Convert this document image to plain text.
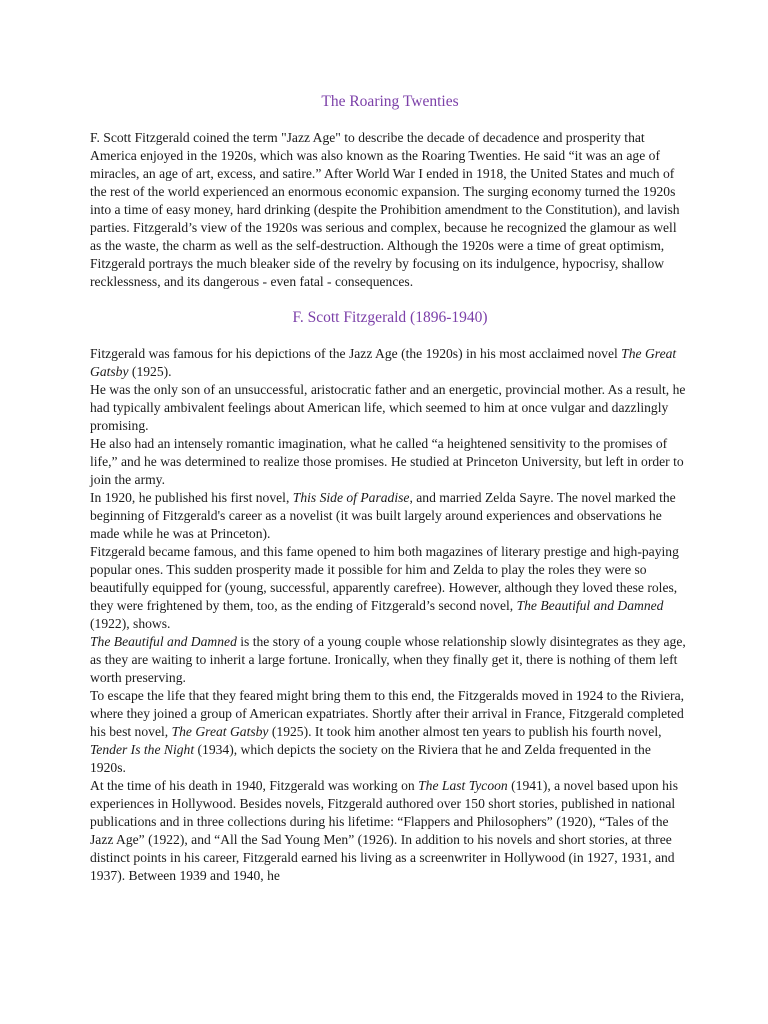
The Roaring Twenties

F. Scott Fitzgerald coined the term "Jazz Age" to describe the decade of decadence and prosperity that America enjoyed in the 1920s, which was also known as the Roaring Twenties. He said “it was an age of miracles, an age of art, excess, and satire.” After World War I ended in 1918, the United States and much of the rest of the world experienced an enormous economic expansion. The surging economy turned the 1920s into a time of easy money, hard drinking (despite the Prohibition amendment to the Constitution), and lavish parties. Fitzgerald’s view of the 1920s was serious and complex, because he recognized the glamour as well as the waste, the charm as well as the self-destruction. Although the 1920s were a time of great optimism, Fitzgerald portrays the much bleaker side of the revelry by focusing on its indulgence, hypocrisy, shallow recklessness, and its dangerous - even fatal - consequences.

F. Scott Fitzgerald (1896-1940)

Fitzgerald was famous for his depictions of the Jazz Age (the 1920s) in his most acclaimed novel The Great Gatsby (1925).

He was the only son of an unsuccessful, aristocratic father and an energetic, provincial mother. As a result, he had typically ambivalent feelings about American life, which seemed to him at once vulgar and dazzlingly promising.

He also had an intensely romantic imagination, what he called “a heightened sensitivity to the promises of life,” and he was determined to realize those promises. He studied at Princeton University, but left in order to join the army.

In 1920, he published his first novel, This Side of Paradise, and married Zelda Sayre. The novel marked the beginning of Fitzgerald's career as a novelist (it was built largely around experiences and observations he made while he was at Princeton).

Fitzgerald became famous, and this fame opened to him both magazines of literary prestige and high-paying popular ones. This sudden prosperity made it possible for him and Zelda to play the roles they were so beautifully equipped for (young, successful, apparently carefree). However, although they loved these roles, they were frightened by them, too, as the ending of Fitzgerald’s second novel, The Beautiful and Damned (1922), shows.

The Beautiful and Damned is the story of a young couple whose relationship slowly disintegrates as they age, as they are waiting to inherit a large fortune. Ironically, when they finally get it, there is nothing of them left worth preserving.

To escape the life that they feared might bring them to this end, the Fitzgeralds moved in 1924 to the Riviera, where they joined a group of American expatriates. Shortly after their arrival in France, Fitzgerald completed his best novel, The Great Gatsby (1925). It took him another almost ten years to publish his fourth novel, Tender Is the Night (1934), which depicts the society on the Riviera that he and Zelda frequented in the 1920s.

At the time of his death in 1940, Fitzgerald was working on The Last Tycoon (1941), a novel based upon his experiences in Hollywood. Besides novels, Fitzgerald authored over 150 short stories, published in national publications and in three collections during his lifetime: “Flappers and Philosophers” (1920), “Tales of the Jazz Age” (1922), and “All the Sad Young Men” (1926). In addition to his novels and short stories, at three distinct points in his career, Fitzgerald earned his living as a screenwriter in Hollywood (in 1927, 1931, and 1937). Between 1939 and 1940, he
